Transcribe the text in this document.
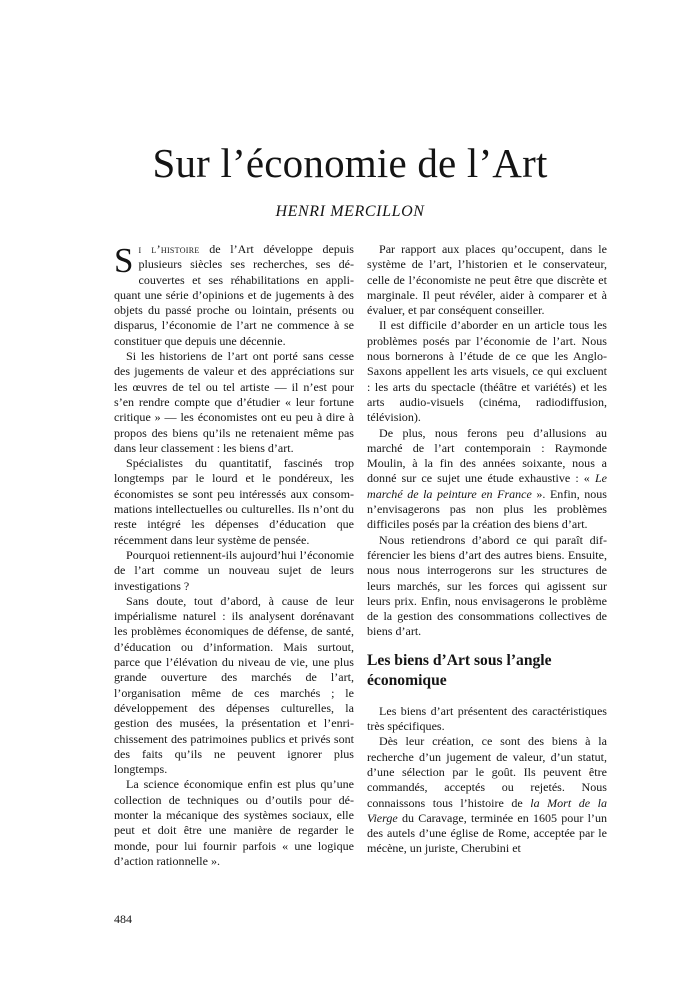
Sur l’économie de l’Art

HENRI MERCILLON

Si l’histoire de l’Art développe depuis plusieurs siècles ses recherches, ses découvertes et ses réhabilitations en appliquant une série d’opinions et de jugements à des objets du passé proche ou lointain, présents ou disparus, l’économie de l’art ne commence à se constituer que depuis une décennie.

Si les historiens de l’art ont porté sans cesse des jugements de valeur et des appréciations sur les œuvres de tel ou tel artiste — il n’est pour s’en rendre compte que d’étudier « leur fortune critique » — les économistes ont eu peu à dire à propos des biens qu’ils ne retenaient même pas dans leur classement : les biens d’art.

Spécialistes du quantitatif, fascinés trop longtemps par le lourd et le pondéreux, les économistes se sont peu intéressés aux consommations intellectuelles ou culturelles. Ils n’ont du reste intégré les dépenses d’éducation que récemment dans leur système de pensée.

Pourquoi retiennent-ils aujourd’hui l’économie de l’art comme un nouveau sujet de leurs investigations ?

Sans doute, tout d’abord, à cause de leur impérialisme naturel : ils analysent dorénavant les problèmes économiques de défense, de santé, d’éducation ou d’information. Mais surtout, parce que l’élévation du niveau de vie, une plus grande ouverture des marchés de l’art, l’organisation même de ces marchés ; le développement des dépenses culturelles, la gestion des musées, la présentation et l’enrichissement des patrimoines publics et privés sont des faits qu’ils ne peuvent ignorer plus longtemps.

La science économique enfin est plus qu’une collection de techniques ou d’outils pour démonter la mécanique des systèmes sociaux, elle peut et doit être une manière de regarder le monde, pour lui fournir parfois « une logique d’action rationnelle ».

Par rapport aux places qu’occupent, dans le système de l’art, l’historien et le conservateur, celle de l’économiste ne peut être que discrète et marginale. Il peut révéler, aider à comparer et à évaluer, et par conséquent conseiller.

Il est difficile d’aborder en un article tous les problèmes posés par l’économie de l’art. Nous nous bornerons à l’étude de ce que les Anglo-Saxons appellent les arts visuels, ce qui excluent : les arts du spectacle (théâtre et variétés) et les arts audio-visuels (cinéma, radiodiffusion, télévision).

De plus, nous ferons peu d’allusions au marché de l’art contemporain : Raymonde Moulin, à la fin des années soixante, nous a donné sur ce sujet une étude exhaustive : « Le marché de la peinture en France ». Enfin, nous n’envisagerons pas non plus les problèmes difficiles posés par la création des biens d’art.

Nous retiendrons d’abord ce qui paraît différencier les biens d’art des autres biens. Ensuite, nous nous interrogerons sur les structures de leurs marchés, sur les forces qui agissent sur leurs prix. Enfin, nous envisagerons le problème de la gestion des consommations collectives de biens d’art.

Les biens d’Art sous l’angle économique

Les biens d’art présentent des caractéristiques très spécifiques.

Dès leur création, ce sont des biens à la recherche d’un jugement de valeur, d’un statut, d’une sélection par le goût. Ils peuvent être commandés, acceptés ou rejetés. Nous connaissons tous l’histoire de la Mort de la Vierge du Caravage, terminée en 1605 pour l’un des autels d’une église de Rome, acceptée par le mécène, un juriste, Cherubini et

484
